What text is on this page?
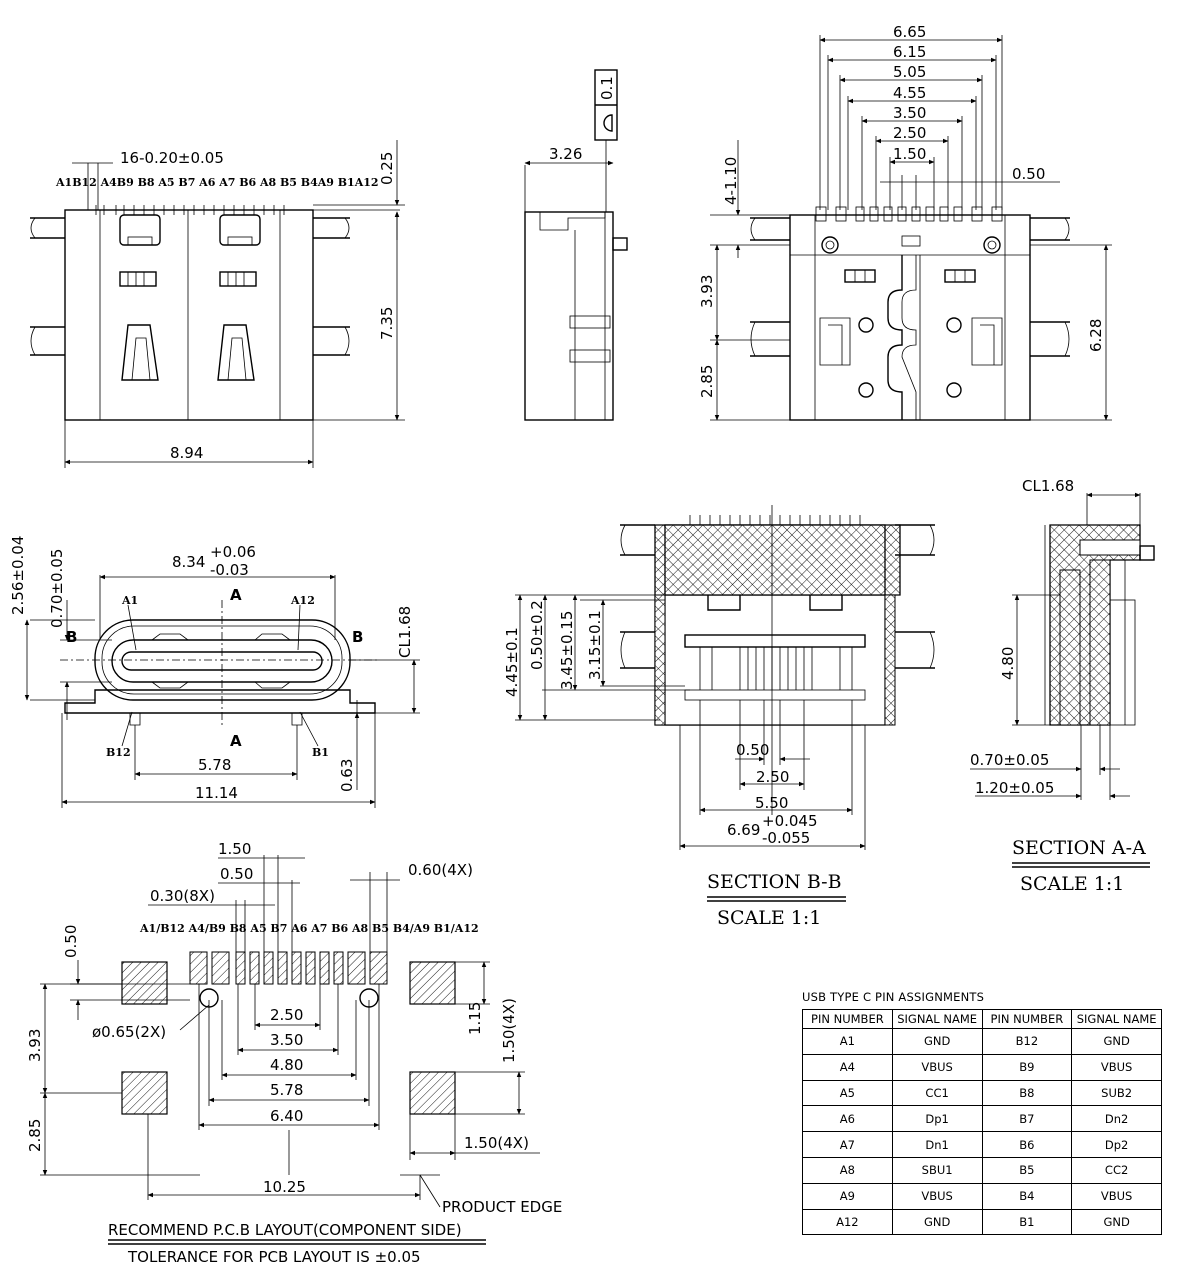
16-0.20±0.05
A1B12 A4B9 B8 A5 B7 A6 A7 B6 A8 B5 B4A9 B1A12 0.25
7.35
8.94
0.1
3.26
6.65
6.15
5.05
4.55
3.50
2.50
1.50
0.50
4-1.10
3.93
2.85
6.28
A
A
B	B
A1	A12
B12	B1
8.34
+0.06
-0.03
2.56±0.04 0.70±0.05
CL1.68
0.63
5.78
11.14
4.45±0.1 0.50±0.2 3.45±0.15 3.15±0.1
0.50
2.50
5.50
6.69 +0.045
-0.055
SECTION B-B
SCALE 1:1
CL1.68
4.80
0.70±0.05
1.20±0.05
SECTION A-A
SCALE 1:1
A1/B12 A4/B9 B8 A5 B7 A6 A7 B6 A8 B5 B4/A9 B1/A12
1.50
0.50
0.30(8X)
0.60(4X)
0.50
ø0.65(2X)
3.93
2.85
2.50
3.50
4.80
5.78
6.40
1.15 1.50(4X)
1.50(4X)
10.25
PRODUCT EDGE
RECOMMEND P.C.B LAYOUT(COMPONENT SIDE)
TOLERANCE FOR PCB LAYOUT IS ±0.05
USB TYPE C PIN ASSIGNMENTS
PIN NUMBER	SIGNAL NAME	PIN NUMBER	SIGNAL NAME
A1	GND	B12	GND
A4	VBUS	B9	VBUS
A5	CC1	B8	SUB2
A6	Dp1	B7	Dn2
A7	Dn1	B6	Dp2
A8	SBU1	B5	CC2
A9	VBUS	B4	VBUS
A12	GND	B1	GND
